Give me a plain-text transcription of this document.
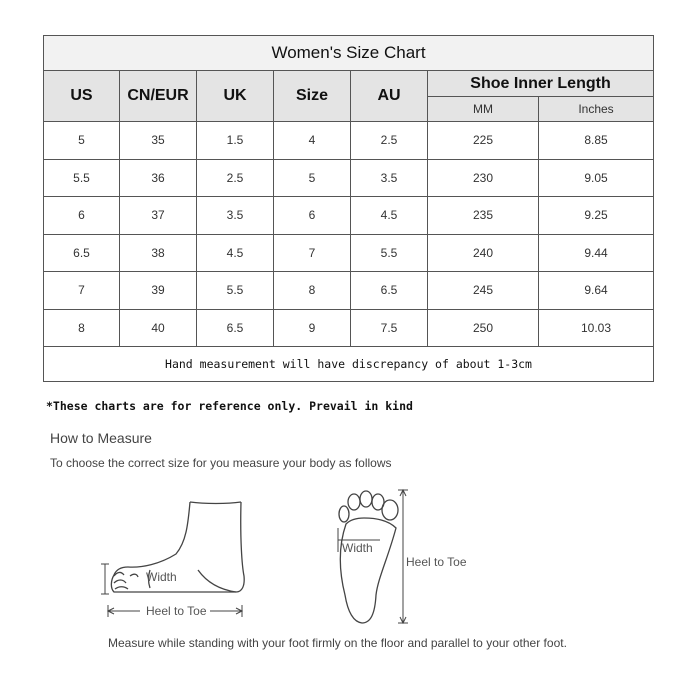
Women's Size Chart						
US	CN/EUR	UK	Size	AU	Shoe Inner Length	
					MM	Inches
5	35	1.5	4	2.5	225	8.85
5.5	36	2.5	5	3.5	230	9.05
6	37	3.5	6	4.5	235	9.25
6.5	38	4.5	7	5.5	240	9.44
7	39	5.5	8	6.5	245	9.64
8	40	6.5	9	7.5	250	10.03
Hand measurement will have discrepancy of about 1-3cm						
*These charts are for reference only. Prevail in kind
How to Measure
To choose the correct size for you measure your body as follows
Width
Heel to Toe
Width
Heel to Toe
Measure while standing with your foot firmly on the floor and parallel to your other foot.
